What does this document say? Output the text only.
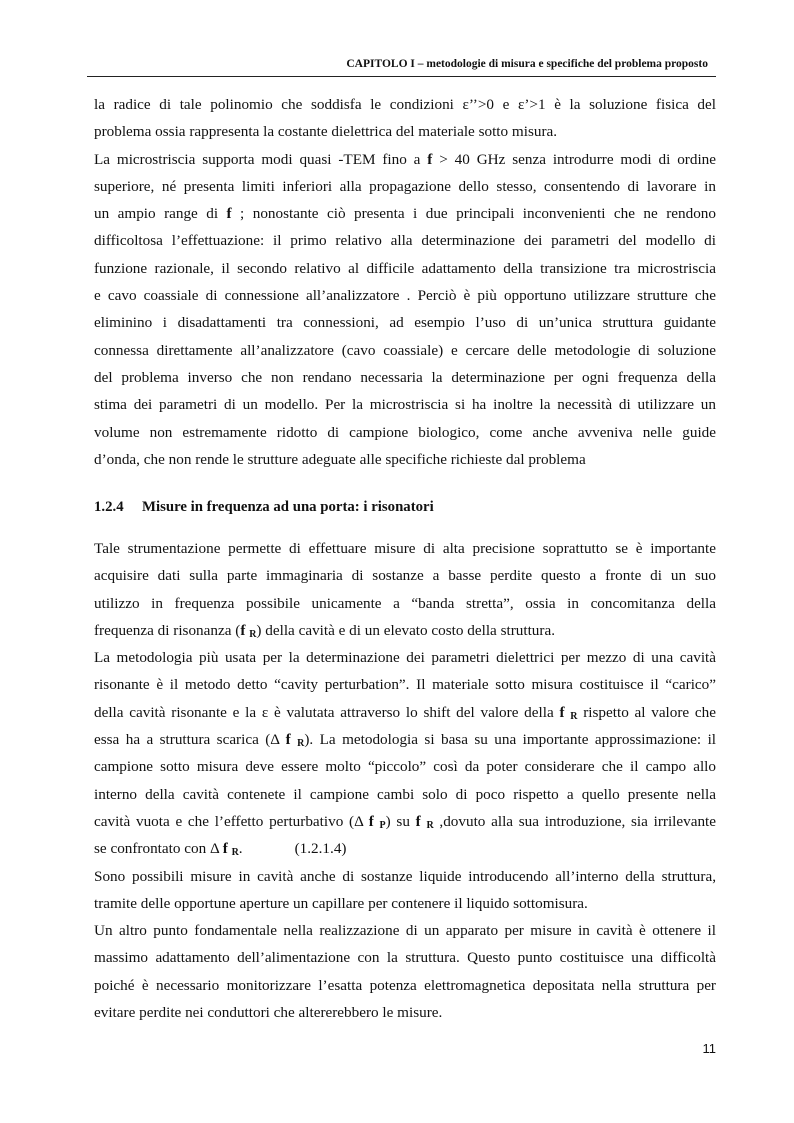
CAPITOLO I – metodologie di misura e specifiche del problema proposto
la radice di tale polinomio che soddisfa le condizioni ε’’>0 e ε’>1 è la soluzione fisica del
problema ossia rappresenta la costante dielettrica del materiale sotto misura.
La microstriscia supporta modi quasi -TEM fino a f > 40 GHz senza introdurre modi di ordine
superiore, né presenta limiti inferiori alla propagazione dello stesso, consentendo di lavorare in
un ampio range di f ; nonostante ciò presenta i due principali inconvenienti che ne rendono
difficoltosa l’effettuazione: il primo relativo alla determinazione dei parametri del modello di
funzione razionale, il secondo relativo al difficile adattamento della transizione tra microstriscia
e cavo coassiale di connessione all’analizzatore . Perciò è più opportuno utilizzare strutture che
eliminino i disadattamenti tra connessioni, ad esempio l’uso di un’unica struttura guidante
connessa direttamente all’analizzatore (cavo coassiale) e cercare delle metodologie di soluzione
del problema inverso che non rendano necessaria la determinazione per ogni frequenza della
stima dei parametri di un modello. Per la microstriscia si ha inoltre la necessità di utilizzare un
volume non estremamente ridotto di campione biologico, come anche avveniva nelle guide
d’onda, che non rende le strutture adeguate alle specifiche richieste dal problema
1.2.4 Misure in frequenza ad una porta: i risonatori
Tale strumentazione permette di effettuare misure di alta precisione soprattutto se è importante
acquisire dati sulla parte immaginaria di sostanze a basse perdite questo a fronte di un suo
utilizzo in frequenza possibile unicamente a “banda stretta”, ossia in concomitanza della
frequenza di risonanza (f $_R$) della cavità e di un elevato costo della struttura.
La metodologia più usata per la determinazione dei parametri dielettrici per mezzo di una cavità
risonante è il metodo detto “cavity perturbation”. Il materiale sotto misura costituisce il “carico”
della cavità risonante e la ε è valutata attraverso lo shift del valore della f $_R$ rispetto al valore che
essa ha a struttura scarica (Δ f $_R$). La metodologia si basa su una importante approssimazione: il
campione sotto misura deve essere molto “piccolo” così da poter considerare che il campo allo
interno della cavità contenete il campione cambi solo di poco rispetto a quello presente nella
cavità vuota e che l’effetto perturbativo (Δ f $_P$) su f $_R$ ,dovuto alla sua introduzione, sia irrilevante
se confrontato con Δ f $_R$.	(1.2.1.4)
Sono possibili misure in cavità anche di sostanze liquide introducendo all’interno della struttura,
tramite delle opportune aperture un capillare per contenere il liquido sottomisura.
Un altro punto fondamentale nella realizzazione di un apparato per misure in cavità è ottenere il
massimo adattamento dell’alimentazione con la struttura. Questo punto costituisce una difficoltà
poiché è necessario monitorizzare l’esatta potenza elettromagnetica depositata nella struttura per
evitare perdite nei conduttori che altererebbero le misure.
11
